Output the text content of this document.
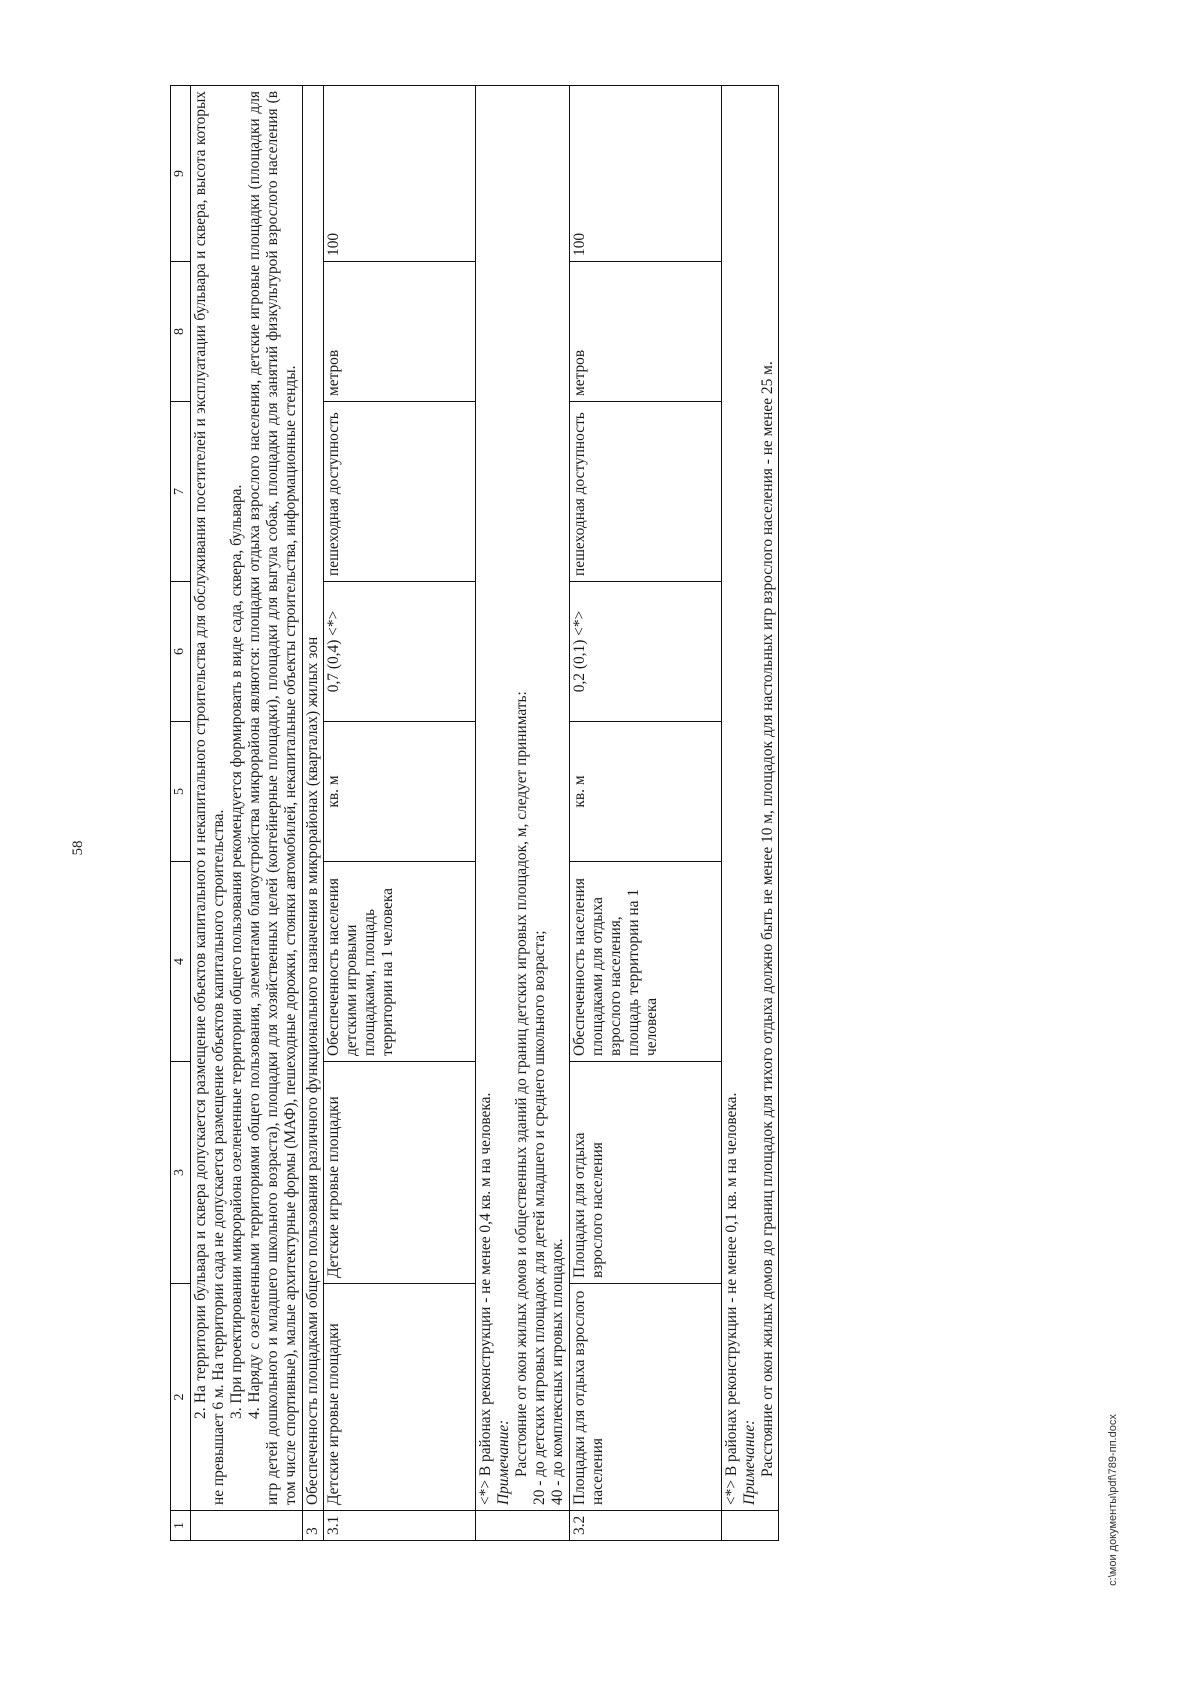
58
1	2	3	4	5	6	7	8	9

	2. На территории бульвара и сквера допускается размещение объектов капитального и некапитального строительства для обслуживания посетителей и эксплуатации бульвара и сквера, высота которых не превышает 6 м. На территории сада не допускается размещение объектов капитального строительства. 3. При проектировании микрорайона озелененные территории общего пользования рекомендуется формировать в виде сада, сквера, бульвара. 4. Наряду с озелененными территориями общего пользования, элементами благоустройства микрорайона являются: площадки отдыха взрослого населения, детские игровые площадки (площадки для игр детей дошкольного и младшего школьного возраста), площадки для хозяйственных целей (контейнерные площадки), площадки для выгула собак, площадки для занятий физкультурой взрослого населения (в том числе спортивные), малые архитектурные формы (МАФ), пешеходные дорожки, стоянки автомобилей, некапитальные объекты строительства, информационные стенды.							

3	Обеспеченность площадками общего пользования различного функционального назначения в микрорайонах (кварталах) жилых зон							
3.1	Детские игровые площадки	Детские игровые площадки	Обеспеченность населения детскими игровыми площадками, площадь территории на 1 человека	кв. м	0,7 (0,4) <*>	пешеходная доступность	метров	100

	<*> В районах реконструкции - не менее 0,4 кв. м на человека. Примечание: Расстояние от окон жилых домов и общественных зданий до границ детских игровых площадок, м, следует принимать: 20 - до детских игровых площадок для детей младшего и среднего школьного возраста; 40 - до комплексных игровых площадок.							

3.2	Площадки для отдыха взрослого населения	Площадки для отдыха взрослого населения	Обеспеченность населения площадками для отдыха взрослого населения, площадь территории на 1 человека	кв. м	0,2 (0,1) <*>	пешеходная доступность	метров	100

	<*> В районах реконструкции - не менее 0,1 кв. м на человека. Примечание: Расстояние от окон жилых домов до границ площадок для тихого отдыха должно быть не менее 10 м, площадок для настольных игр взрослого населения - не менее 25 м.							

c:\мои документы\pdf\789-пп.docx
